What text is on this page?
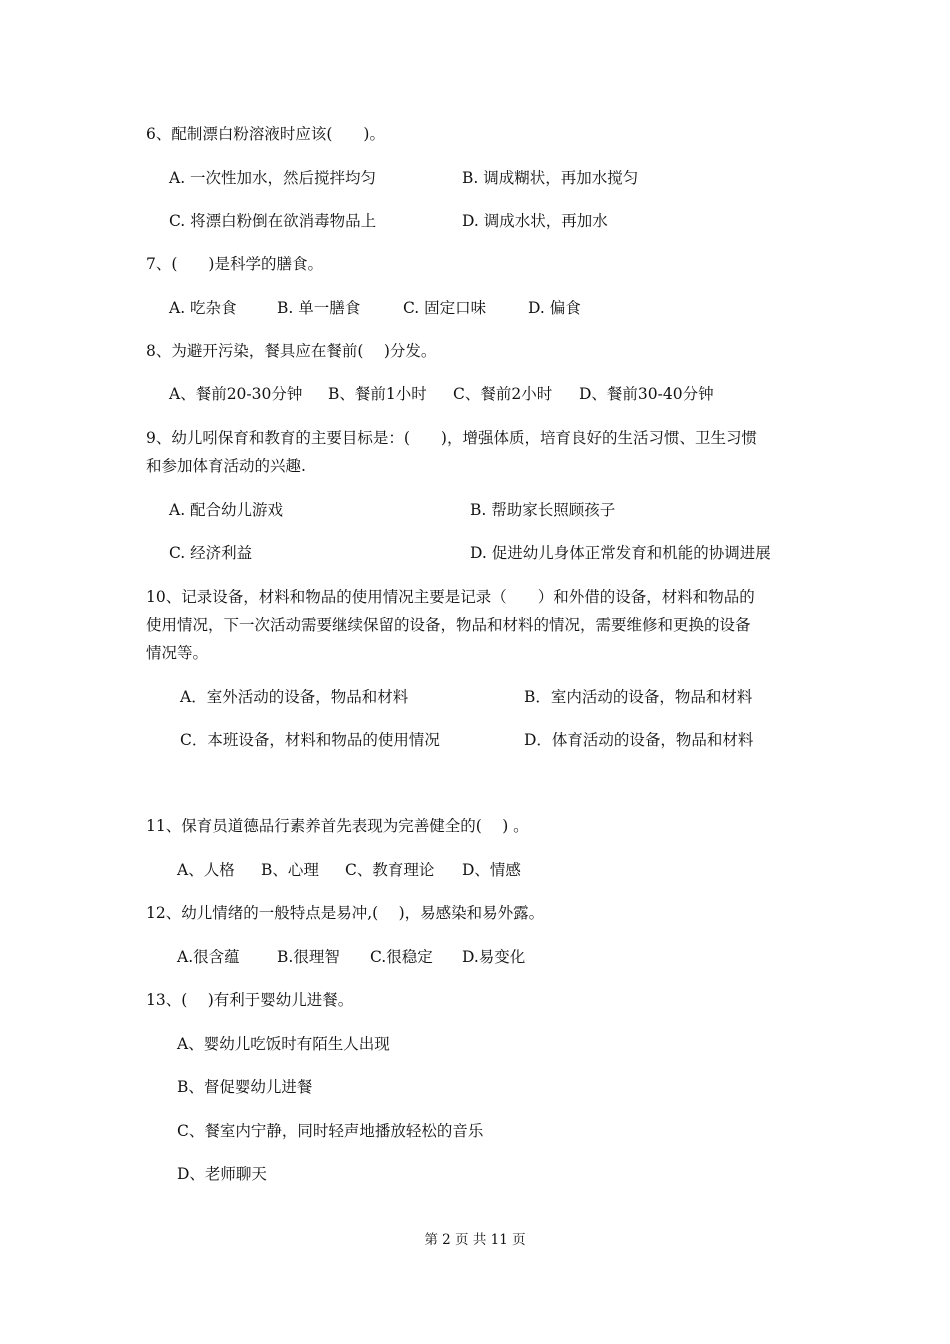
6、配制漂白粉溶液时应该(　　)。
A. 一次性加水，然后搅拌均匀	B. 调成糊状，再加水搅匀
C. 将漂白粉倒在欲消毒物品上	D. 调成水状，再加水
7、(　　)是科学的膳食。
A. 吃杂食	B. 单一膳食	C. 固定口味	D. 偏食
8、为避开污染，餐具应在餐前(　 )分发。
A、餐前20-30分钟 B、餐前1小时 C、餐前2小时 D、餐前30-40分钟
9、幼儿吲保育和教育的主要目标是：(　　)，增强体质，培育良好的生活习惯、卫生习惯
和参加体育活动的兴趣.
A. 配合幼儿游戏	B. 帮助家长照顾孩子
C. 经济利益	D. 促进幼儿身体正常发育和机能的协调进展
10、记录设备，材料和物品的使用情况主要是记录（　　）和外借的设备，材料和物品的
使用情况，下一次活动需要继续保留的设备，物品和材料的情况，需要维修和更换的设备
情况等。
A．室外活动的设备，物品和材料	B．室内活动的设备，物品和材料
C．本班设备，材料和物品的使用情况	D．体育活动的设备，物品和材料
11、保育员道德品行素养首先表现为完善健全的(　 ) 。
A、人格 B、心理 C、教育理论 D、情感
12、幼儿情绪的一般特点是易冲,(　 )，易感染和易外露。
A.很含蕴 B.很理智 C.很稳定 D.易变化
13、(　 )有利于婴幼儿进餐。
A、婴幼儿吃饭时有陌生人出现
B、督促婴幼儿进餐
C、餐室内宁静，同时轻声地播放轻松的音乐
D、老师聊天
第 2 页 共 11 页
